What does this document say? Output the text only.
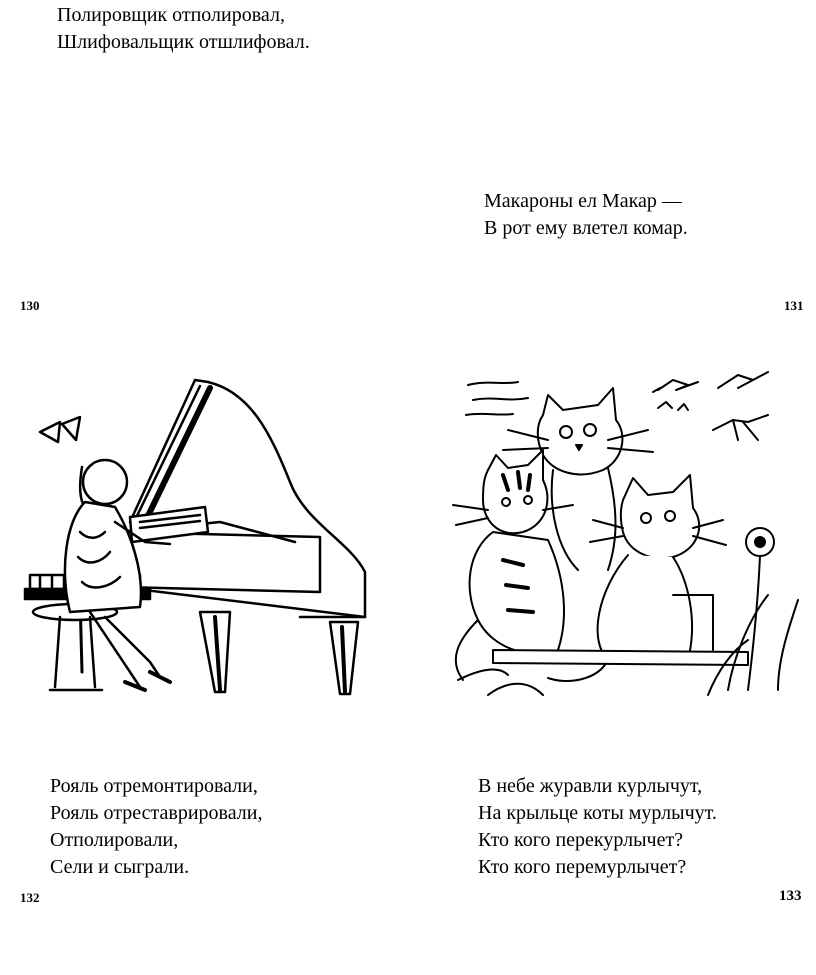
Полировщик отполировал,
Шлифовальщик отшлифовал.
Макароны ел Макар —
В рот ему влетел комар.
130	131
Рояль отремонтировали,
Рояль отреставрировали,
Отполировали,
Сели и сыграли.
В небе журавли курлычут,
На крыльце коты мурлычут.
Кто кого перекурлычет?
Кто кого перемурлычет?
132	133
